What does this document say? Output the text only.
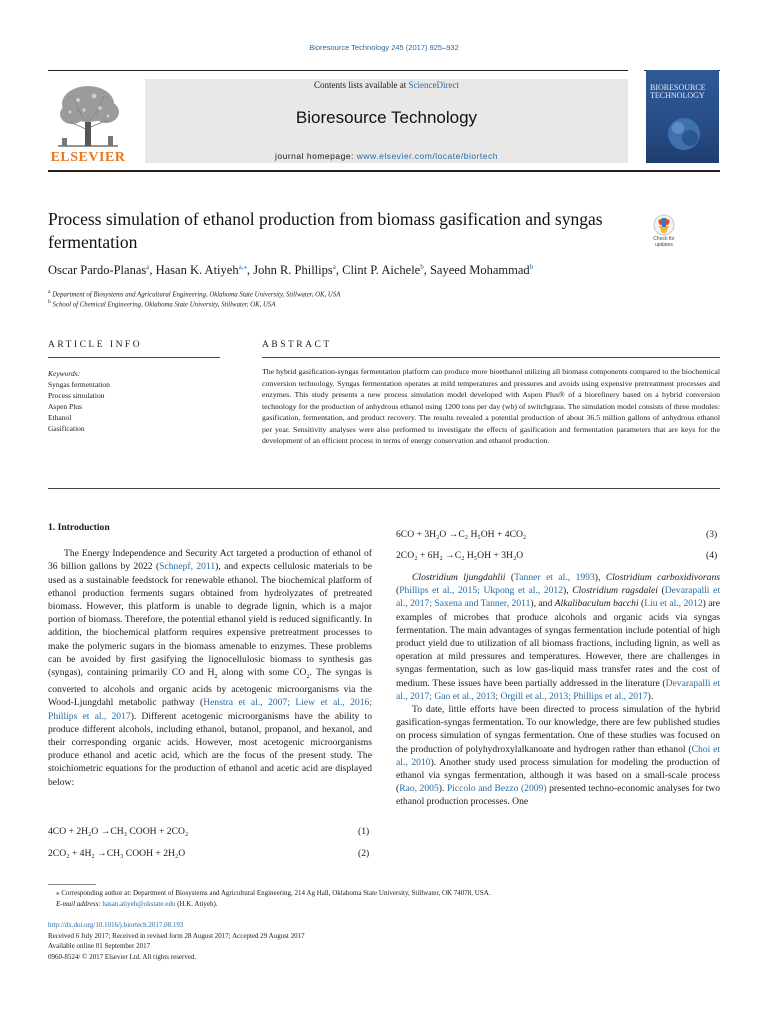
Bioresource Technology 245 (2017) 925–932
ELSEVIER
Contents lists available at ScienceDirect
Bioresource Technology
journal homepage: www.elsevier.com/locate/biortech
BIORESOURCE
TECHNOLOGY
Process simulation of ethanol production from biomass gasification and syngas fermentation	Check for
updates
Oscar Pardo-Planas$^a$, Hasan K. Atiyeh$^{a,⁎}$, John R. Phillips$^a$, Clint P. Aichele$^b$, Sayeed Mohammad$^b$
$^a$ Department of Biosystems and Agricultural Engineering, Oklahoma State University, Stillwater, OK, USA
$^b$ School of Chemical Engineering, Oklahoma State University, Stillwater, OK, USA
ARTICLE INFO	ABSTRACT
Keywords:
Syngas fermentation
Process simulation
Aspen Plus
Ethanol
Gasification
The hybrid gasification-syngas fermentation platform can produce more bioethanol utilizing all biomass components compared to the biochemical conversion technology. Syngas fermentation operates at mild temperatures and pressures and avoids using expensive pretreatment processes and enzymes. This study presents a new process simulation model developed with Aspen Plus® of a biorefinery based on a hybrid conversion technology for the production of anhydrous ethanol using 1200 tons per day (wb) of switchgrass. The simulation model consists of three modules: gasification, fermentation, and product recovery. The results revealed a potential production of about 36.5 million gallons of anhydrous ethanol per year. Sensitivity analyses were also performed to investigate the effects of gasification and fermentation parameters that are keys for the development of an efficient process in terms of energy conservation and ethanol production.
1. Introduction

The Energy Independence and Security Act targeted a production of ethanol of 36 billion gallons by 2022 (Schnepf, 2011), and expects cellulosic materials to be used as a sustainable feedstock for renewable ethanol. The biochemical platform of ethanol production ferments sugars obtained from hydrolyzates of pretreated biomass. However, this platform is unable to degrade lignin, which is a major portion of biomass. Therefore, the potential ethanol yield is reduced significantly. In addition, the biochemical platform requires expensive pretreatment processes to make the polymeric sugars in the biomass amenable to enzymes. These problems can be avoided by first gasifying the lignocellulosic biomass to synthesis gas (syngas), containing primarily CO and $H_2$ along with some $CO_2$. The syngas is converted to alcohols and organic acids by acetogenic microorganisms via the Wood-Ljungdahl metabolic pathway (Henstra et al., 2007; Liew et al., 2016; Phillips et al., 2017). Different acetogenic microorganisms have the ability to produce different alcohols, including ethanol, butanol, propanol, and hexanol, and their corresponding organic acids. However, most acetogenic microorganisms produce ethanol and acetic acid, which are the focus of the present study. The stoichiometric equations for the production of ethanol and acetic acid are displayed below:

4CO + 2H₂O →CH₃ COOH + 2CO₂	(1)
2CO₂ + 4H₂ →CH₃ COOH + 2H₂O	(2)
6CO + 3H₂O →C₂ H₅OH + 4CO₂	(3)
2CO₂ + 6H₂ →C₂ H₅OH + 3H₂O	(4)

Clostridium ljungdahlii (Tanner et al., 1993), Clostridium carboxidivorans (Phillips et al., 2015; Ukpong et al., 2012), Clostridium ragsdalei (Devarapalli et al., 2017; Saxena and Tanner, 2011), and Alkalibaculum bacchi (Liu et al., 2012) are examples of microbes that produce alcohols and organic acids via syngas fermentation. The main advantages of syngas fermentation include potential of high product yield due to utilization of all biomass fractions, including lignin, as well as operation at mild pressures and temperatures. However, there are challenges in syngas fermentation, such as low gas-liquid mass transfer rates and the cost of medium. These issues have been partially addressed in the literature (Devarapalli et al., 2017; Gao et al., 2013; Orgill et al., 2013; Phillips et al., 2017).

To date, little efforts have been directed to process simulation of the hybrid gasification-syngas fermentation. To our knowledge, there are few published studies on process simulation of syngas fermentation. One of these studies was focused on the production of polyhydroxylalkanoate and hydrogen rather than ethanol (Choi et al., 2010). Another study used process simulation for modeling the production of ethanol via syngas fermentation, although it was based on a small-scale process (Rao, 2005). Piccolo and Bezzo (2009) presented techno-economic analyses for two ethanol production processes. One

⁎ Corresponding author at: Department of Biosystems and Agricultural Engineering, 214 Ag Hall, Oklahoma State University, Stillwater, OK 74078, USA.
E-mail address: hasan.atiyeh@okstate.edu (H.K. Atiyeh).
http://dx.doi.org/10.1016/j.biortech.2017.08.193
Received 6 July 2017; Received in revised form 28 August 2017; Accepted 29 August 2017
Available online 01 September 2017
0960-8524/ © 2017 Elsevier Ltd. All rights reserved.
